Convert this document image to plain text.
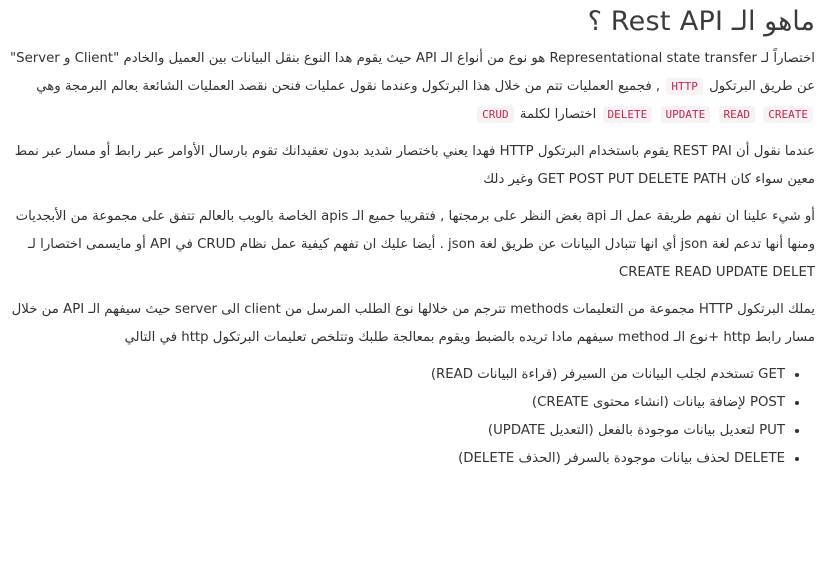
ماهو الـ Rest API ؟

اختصاراً لـ Representational state transfer هو نوع من أنواع الـ API حيث يقوم هدا النوع بنقل البيانات بين العميل والخادم "Client و Server" عن طريق البرتكول HTTP , فجميع العمليات تتم من خلال هذا البرتكول وعندما نقول عمليات فنحن نقصد العمليات الشائعة بعالم البرمجة وهي DELETE UPDATE READ CREATE اختصارا لكلمة CRUD

عندما نقول أن REST PAI يقوم باستخدام البرتكول HTTP فهدا يعني باختصار شديد بدون تعقيدانك تقوم بارسال الأوامر عبر رابط أو مسار عبر نمط معين سواء كان GET POST PUT DELETE PATH وغير دلك

أو شيء علينا ان نفهم طريقة عمل الـ api بغض النظر على برمجتها , فتقريبا جميع الـ apis الخاصة بالويب بالعالم تتفق على مجموعة من الأبجديات ومنها أنها تدعم لغة json أي انها تتبادل البيانات عن طريق لغة json . أيضا عليك ان تفهم كيفية عمل نظام CRUD في API أو مايسمى اختصارا لـ CREATE READ UPDATE DELET

يملك البرتكول HTTP مجموعة من التعليمات methods تترجم من خلالها نوع الطلب المرسل من client الى server حيث سيفهم الـ API من خلال مسار رابط http +نوع الـ method سيفهم مادا تريده بالضبط ويقوم بمعالجة طلبك وتتلخص تعليمات البرتكول http في التالي

• GET تستخدم لجلب البيانات من السيرفر (قراءة البيانات READ)
• POST لإضافة بيانات (انشاء محتوى CREATE)
• PUT لتعديل بيانات موجودة بالفعل (التعديل UPDATE)
• DELETE لحذف بيانات موجودة بالسرفر (الحذف DELETE)
